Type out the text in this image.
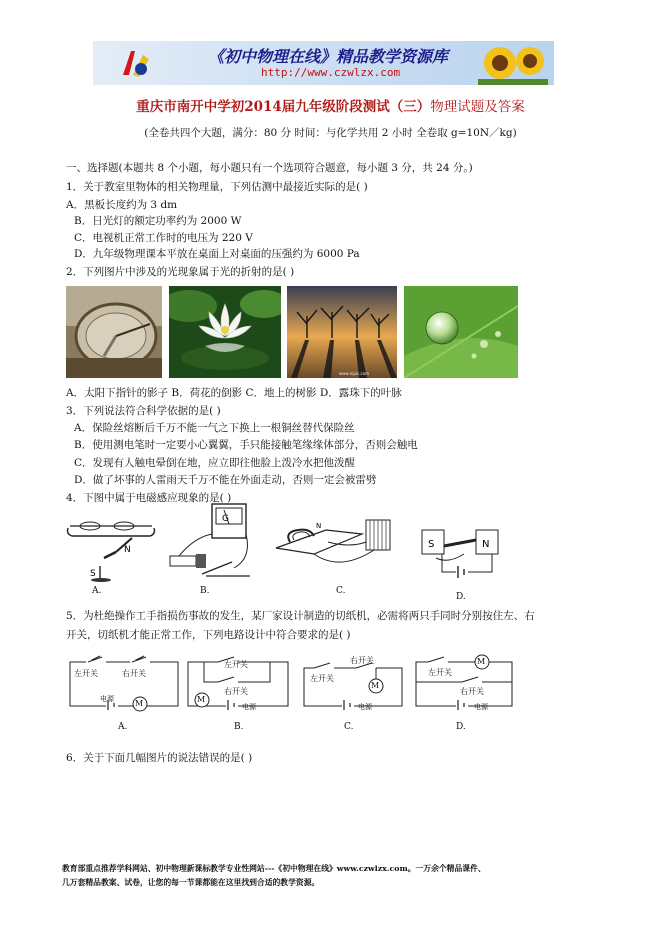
《初中物理在线》精品教学资源库
http://www.czwlzx.com
重庆市南开中学初2014届九年级阶段测试（三）物理试题及答案
(全卷共四个大题，满分：80 分 时间：与化学共用 2 小时 全卷取 g=10N／kg)
一、选择题(本题共 8 个小题，每小题只有一个选项符合题意，每小题 3 分，共 24 分。)
1．关于教室里物体的相关物理量，下列估测中最接近实际的是( )
A．黑板长度约为 3 dm
B．日光灯的额定功率约为 2000 W
C．电视机正常工作时的电压为 220 V
D．九年级物理课本平放在桌面上对桌面的压强约为 6000 Pa
2．下列图片中涉及的光现象属于光的折射的是( )
www.nipic.com
A．太阳下指针的影子 B．荷花的倒影 C．地上的树影 D．露珠下的叶脉
3．下列说法符合科学依据的是( )
A．保险丝熔断后千万不能一气之下换上一根铜丝替代保险丝
B．使用测电笔时一定要小心翼翼，手只能接触笔缘缘体部分，否则会触电
C．发现有人触电晕倒在地，应立即往他脸上泼冷水把他泼醒
D．做了坏事的人雷雨天千万不能在外面走动，否则一定会被雷劈
4．下图中属于电磁感应现象的是( )
N
S
A.
G
B.
N
C.
S	N
D.
5．为杜绝操作工手指损伤事故的发生，某厂家设计制造的切纸机，必需将两只手同时分别按住左、右
开关，切纸机才能正常工作，下列电路设计中符合要求的是( )
左开关	右开关
电源	M
A.
左开关
右开关
电源
M
B.
左开关
右开关
电源
M
C.
左开关
右开关
电源
M
D.
6．关于下面几幅图片的说法错误的是( )
教育部重点推荐学科网站、初中物理新课标教学专业性网站---《初中物理在线》www.czwlzx.com。一万余个精品课件、
几万套精品教案、试卷，让您的每一节课都能在这里找到合适的教学资源。
